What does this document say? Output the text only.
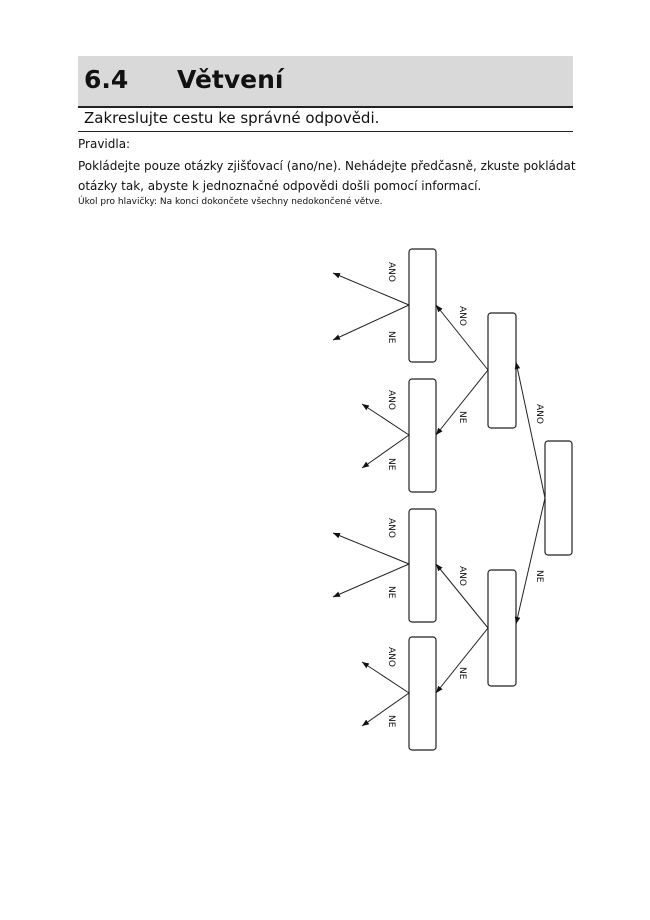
6.4 Větvení
Zakreslujte cestu ke správné odpovědi.
Pravidla:
Pokládejte pouze otázky zjišťovací (ano/ne). Nehádejte předčasně, zkuste pokládat otázky tak, abyste k jednoznačné odpovědi došli pomocí informací.
Úkol pro hlavičky: Na konci dokončete všechny nedokončené větve.
ANO
NE
ANO
NE
ANO
NE
ANO
NE
ANO
NE
ANO
NE
ANO
NE
